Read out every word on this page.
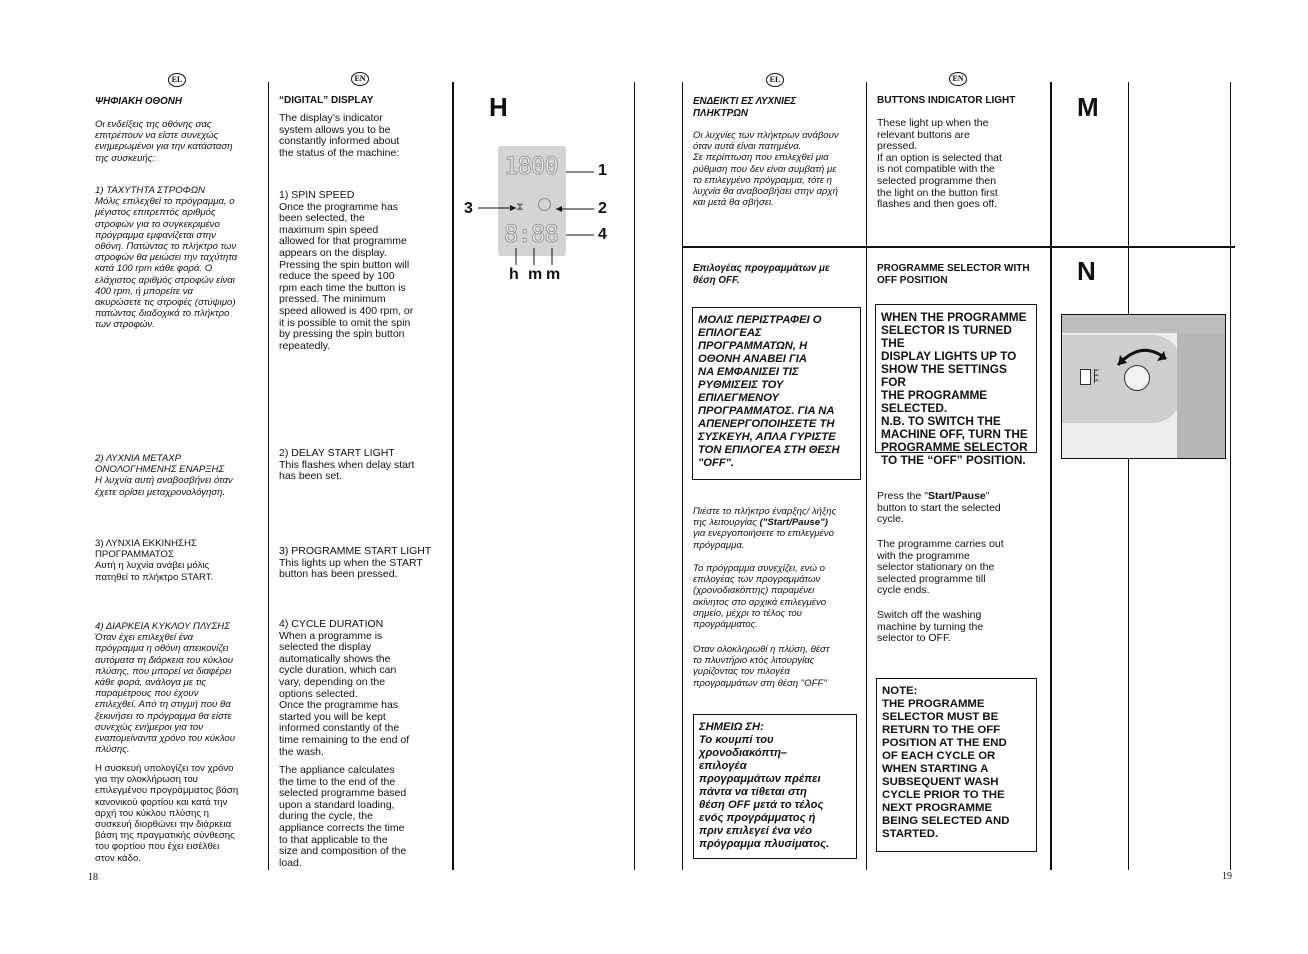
EL	EN
ΨΗΦΙΑΚΗ ΟΘΟΝΗ
Οι ενδείξεις της οθόνης σας
επιτρέπουν να είστε συνεχώς
ενημερωμένοι για την κατάσταση
της συσκευής:
1) ΤΑΧΥΤΗΤΑ ΣΤΡΟΦΩΝ
Μόλις επιλεχθεί το πρόγραμμα, ο
μέγιστος επιτρεπτός αριθμός
στροφών για το συγκεκριμένο
πρόγραμμα εμφανίζεται στην
οθόνη. Πατώντας το πλήκτρο των
στροφών θα μειώσει την ταχύτητα
κατά 100 rpm κάθε φορά. Ο
ελάχιστος αριθμός στροφών είναι
400 rpm, ή μπορείτε να
ακυρώσετε τις στροφές (στύψιμο)
πατώντας διαδοχικά το πλήκτρο
των στροφών.
2) ΛΥΧΝΙΑ ΜΕΤΑΧΡ
ΟΝΟΛΟΓΗΜΕΝΗΣ ΕΝΑΡΞΗΣ
Η λυχνία αυτή αναβοσβήνει όταν
έχετε ορίσει μεταχρονολόγηση.
3) ΛΥΝΧΙΑ ΕΚΚΙΝΗΣΗΣ
ΠΡΟΓΡΑΜΜΑΤΟΣ
Αυτή η λυχνία ανάβει μόλις
πατηθεί το πλήκτρο START.
4) ΔΙΑΡΚΕΙΑ ΚΥΚΛΟΥ ΠΛΥΣΗΣ
Όταν έχει επιλεχθεί ένα
πρόγραμμα η οθόνη απεικονίζει
αυτόματα τη διάρκεια του κύκλου
πλύσης, που μπορεί να διαφέρει
κάθε φορά, ανάλογα με τις
παραμέτρους που έχουν
επιλεχθεί. Από τη στιγμή που θα
ξεκινήσει το πρόγραμμα θα είστε
συνεχώς ενήμεροι για τον
εναπομείναντα χρόνο του κύκλου
πλύσης.
Η συσκευή υπολογίζει τον χρόνο
για την ολοκλήρωση του
επιλεγμένου προγράμματος βάση
κανονικού φορτίου και κατά την
αρχή του κύκλου πλύσης η
συσκευή διορθώνει την διάρκεια
βάση της πραγματικής σύνθεσης
του φορτίου που έχει εισέλθει
στον κάδο.
18
“DIGITAL” DISPLAY
The display’s indicator
system allows you to be
constantly informed about
the status of the machine:
1) SPIN SPEED
Once the programme has
been selected, the
maximum spin speed
allowed for that programme
appears on the display.
Pressing the spin button will
reduce the speed by 100
rpm each time the button is
pressed. The minimum
speed allowed is 400 rpm, or
it is possible to omit the spin
by pressing the spin button
repeatedly.
2) DELAY START LIGHT
This flashes when delay start
has been set.
3) PROGRAMME START LIGHT
This lights up when the START
button has been pressed.
4) CYCLE DURATION
When a programme is
selected the display
automatically shows the
cycle duration, which can
vary, depending on the
options selected.
Once the programme has
started you will be kept
informed constantly of the
time remaining to the end of
the wash.
The appliance calculates
the time to the end of the
selected programme based
upon a standard loading,
during the cycle, the
appliance corrects the time
to that applicable to the
size and composition of the
load.
H
1800
⧗
8:88
1
2
3
4
h m m
EL	EN
ΕΝΔΕΙΚΤΙ ΕΣ ΛΥΧΝΙΕΣ
ΠΛΗΚΤΡΩΝ
Οι λυχνίες των πλήκτρων ανάβουν
όταν αυτά είναι πατημένα.
Σε περίπτωση που επιλεχθεί μια
ρύθμιση που δεν είναι συμβατή με
το επιλεγμένο πρόγραμμα, τότε η
λυχνία θα αναβοσβήσει στην αρχή
και μετά θα σβήσει.
BUTTONS INDICATOR LIGHT
These light up when the
relevant buttons are
pressed.
If an option is selected that
is not compatible with the
selected programme then
the light on the button first
flashes and then goes off.
M
Επιλογέας προγραμμάτων με
θέση OFF.
PROGRAMME SELECTOR WITH
OFF POSITION	N
ΜΟΛΙΣ ΠΕΡΙΣΤΡΑΦΕΙ Ο
ΕΠΙΛΟΓΕΑΣ
ΠΡΟΓΡΑΜΜΑΤΩΝ, Η
ΟΘΟΝΗ ΑΝΑΒΕΙ ΓΙΑ
ΝΑ ΕΜΦΑΝΙΣΕΙ ΤΙΣ
ΡΥΘΜΙΣΕΙΣ ΤΟΥ
ΕΠΙΛΕΓΜΕΝΟΥ
ΠΡΟΓΡΑΜΜΑΤΟΣ. ΓΙΑ ΝΑ
ΑΠΕΝΕΡΓΟΠΟΙΗΣΕΤΕ ΤΗ
ΣΥΣΚΕΥΗ, ΑΠΛΑ ΓΥΡΙΣΤΕ
ΤΟΝ ΕΠΙΛΟΓΕΑ ΣΤΗ ΘΕΣΗ
"OFF".
WHEN THE PROGRAMME
SELECTOR IS TURNED THE
DISPLAY LIGHTS UP TO
SHOW THE SETTINGS FOR
THE PROGRAMME
SELECTED.
N.B. TO SWITCH THE
MACHINE OFF, TURN THE
PROGRAMME SELECTOR
TO THE “OFF” POSITION.
▪▫
▪▫
▪▫
Πιέστε το πλήκτρο έναρξης/ λήξης
της λειτουργίας ("Start/Pause")
για ενεργοποιήσετε το επιλεγμένο
πρόγραμμα.
Το πρόγραμμα συνεχίζει, ενώ ο
επιλογέας των προγραμμάτων
(χρονοδιακόπτης) παραμένει
ακίνητος στο αρχικά επιλεγμένο
σημείο, μέχρι το τέλος του
προγράμματος.
Όταν ολοκληρωθί η πλύση, θέστ
το πλυντήριο κτός λιτουργίας
γυρίζοντας τον πιλογέα
προγραμμάτων στη θέση "OFF"
Press the "Start/Pause"
button to start the selected
cycle.
The programme carries out
with the programme
selector stationary on the
selected programme till
cycle ends.
Switch off the washing
machine by turning the
selector to OFF.
ΣΗΜΕΙΩ ΣΗ:
Το κουμπί του
χρονοδιακόπτη–
επιλογέα
προγραμμάτων πρέπει
πάντα να τίθεται στη
θέση OFF μετά το τέλος
ενός προγράμματος ή
πριν επιλεγεί ένα νέο
πρόγραμμα πλυσίματος.
NOTE:
THE PROGRAMME
SELECTOR MUST BE
RETURN TO THE OFF
POSITION AT THE END
OF EACH CYCLE OR
WHEN STARTING A
SUBSEQUENT WASH
CYCLE PRIOR TO THE
NEXT PROGRAMME
BEING SELECTED AND
STARTED.
19
